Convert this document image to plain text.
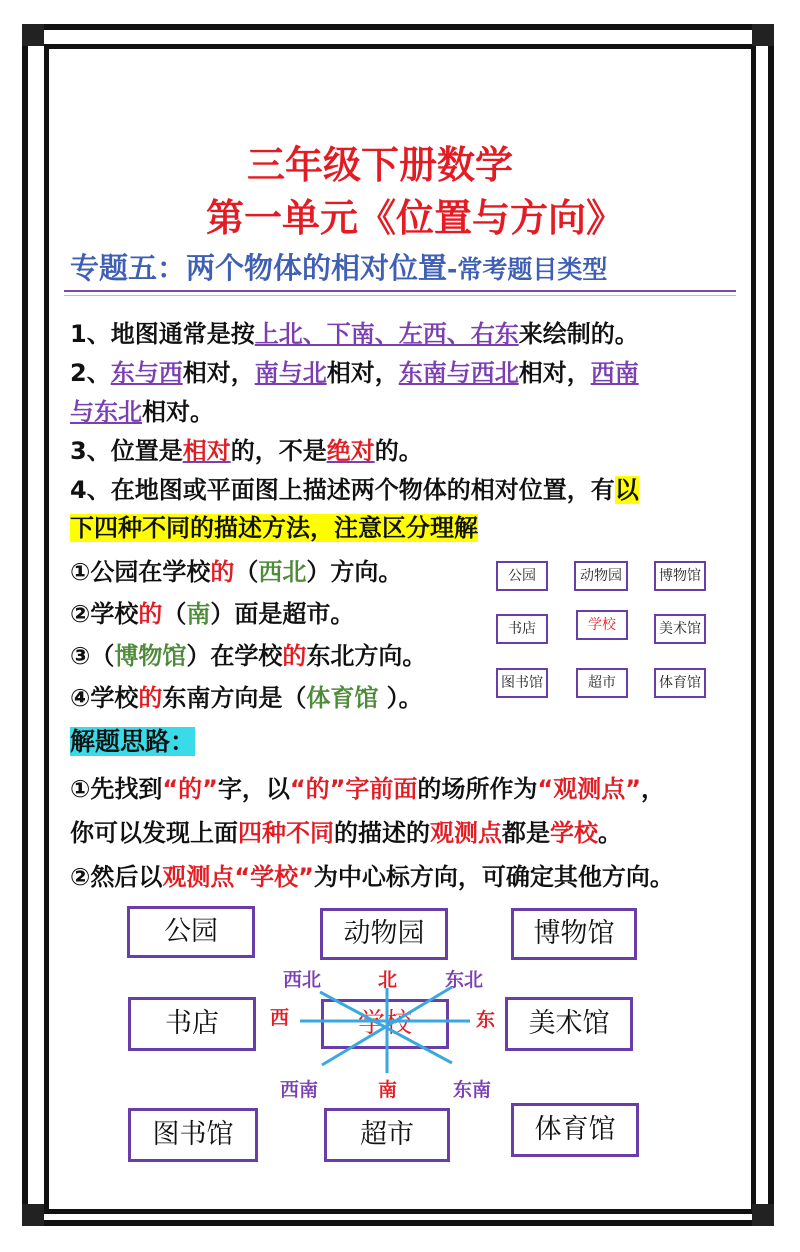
三年级下册数学
第一单元《位置与方向》
专题五：两个物体的相对位置-常考题目类型
1、地图通常是按上北、下南、左西、右东来绘制的。
2、东与西相对，南与北相对，东南与西北相对，西南
与东北相对。
3、位置是相对的，不是绝对的。
4、在地图或平面图上描述两个物体的相对位置，有以
下四种不同的描述方法，注意区分理解
①公园在学校的（西北）方向。
②学校的（南）面是超市。
③（博物馆）在学校的东北方向。
④学校的东南方向是（体育馆 ）。
公园	动物园	博物馆
书店	学校	美术馆
图书馆	超市	体育馆
解题思路：
①先找到“的”字，以“的”字前面的场所作为“观测点”，
你可以发现上面四种不同的描述的观测点都是学校。
②然后以观测点“学校”为中心标方向，可确定其他方向。
公园	动物园	博物馆
书店	学校	美术馆
图书馆	超市	体育馆
西北	北	东北
西	东
西南	南	东南
